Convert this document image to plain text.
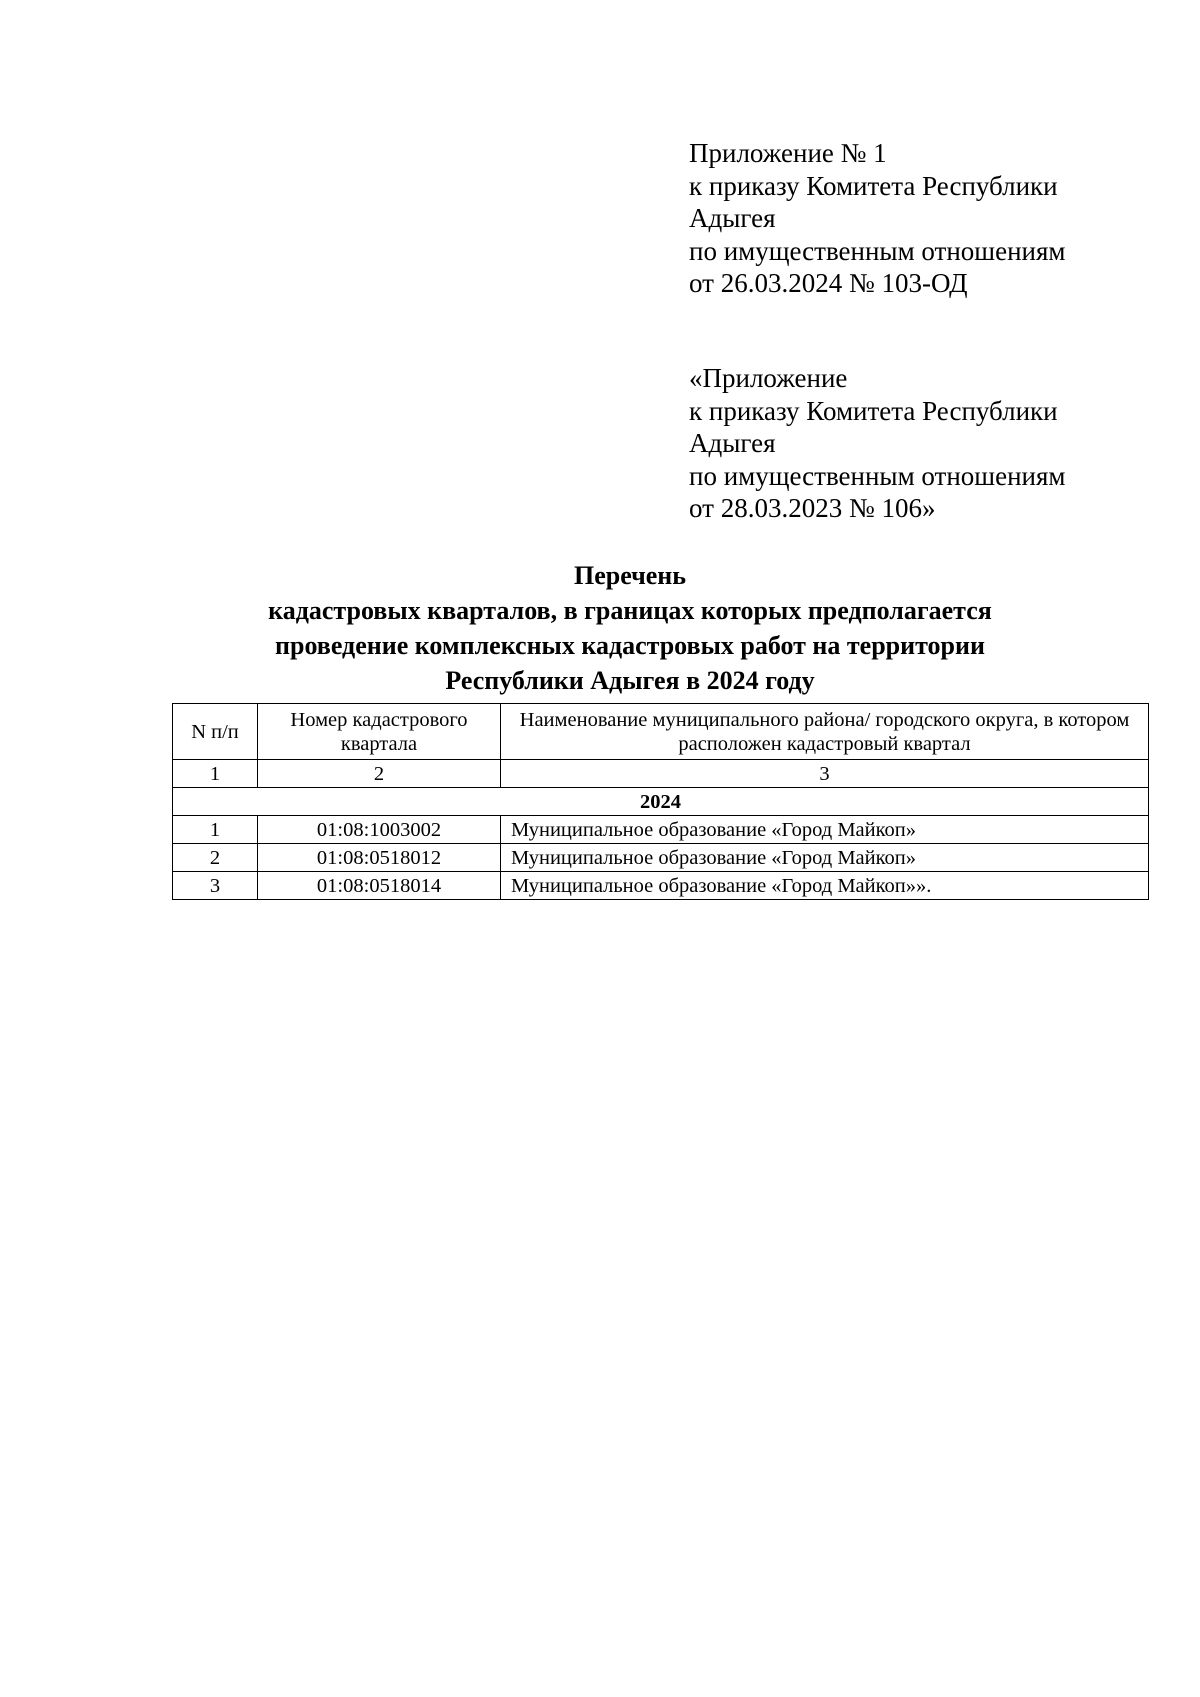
Приложение № 1
к приказу Комитета Республики
Адыгея
по имущественным отношениям
от 26.03.2024 № 103-ОД
«Приложение
к приказу Комитета Республики
Адыгея
по имущественным отношениям
от 28.03.2023 № 106»
Перечень
кадастровых кварталов, в границах которых предполагается
проведение комплексных кадастровых работ на территории
Республики Адыгея в 2024 году
N п/п	Номер кадастрового квартала	Наименование муниципального района/ городского округа, в котором расположен кадастровый квартал
1	2	3
2024		
1	01:08:1003002	Муниципальное образование «Город Майкоп»
2	01:08:0518012	Муниципальное образование «Город Майкоп»
3	01:08:0518014	Муниципальное образование «Город Майкоп»».
